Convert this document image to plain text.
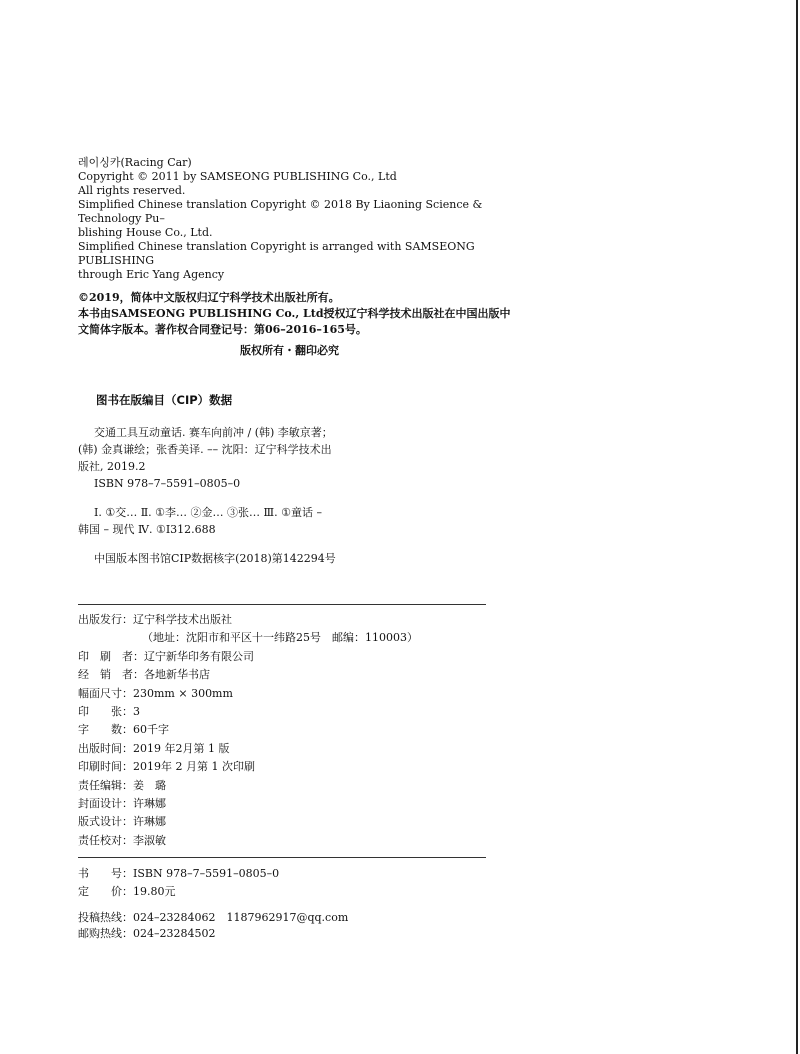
레이싱카(Racing Car)
Copyright © 2011 by SAMSEONG PUBLISHING Co., Ltd
All rights reserved.
Simplified Chinese translation Copyright © 2018 By Liaoning Science & Technology Pu–
blishing House Co., Ltd.
Simplified Chinese translation Copyright is arranged with SAMSEONG PUBLISHING
through Eric Yang Agency
©2019，简体中文版权归辽宁科学技术出版社所有。
本书由SAMSEONG PUBLISHING Co., Ltd授权辽宁科学技术出版社在中国出版中
文简体字版本。著作权合同登记号：第06–2016–165号。
版权所有・翻印必究
图书在版编目（CIP）数据
交通工具互动童话. 赛车向前冲 / (韩) 李敏京著；
(韩) 金真谦绘；张香美译. –– 沈阳：辽宁科学技术出
版社, 2019.2
ISBN 978–7–5591–0805–0
Ⅰ. ①交… Ⅱ. ①李… ②金… ③张… Ⅲ. ①童话 –
韩国 – 现代 Ⅳ. ①I312.688
中国版本图书馆CIP数据核字(2018)第142294号
出版发行：辽宁科学技术出版社
（地址：沈阳市和平区十一纬路25号　邮编：110003）
印　刷　者：辽宁新华印务有限公司
经　销　者：各地新华书店
幅面尺寸：230mm × 300mm
印　　张：3
字　　数：60千字
出版时间：2019 年2月第 1 版
印刷时间：2019年 2 月第 1 次印刷
责任编辑：姜　璐
封面设计：许琳娜
版式设计：许琳娜
责任校对：李淑敏
书　　号：ISBN 978–7–5591–0805–0
定　　价：19.80元
投稿热线：024–23284062　1187962917@qq.com
邮购热线：024–23284502
